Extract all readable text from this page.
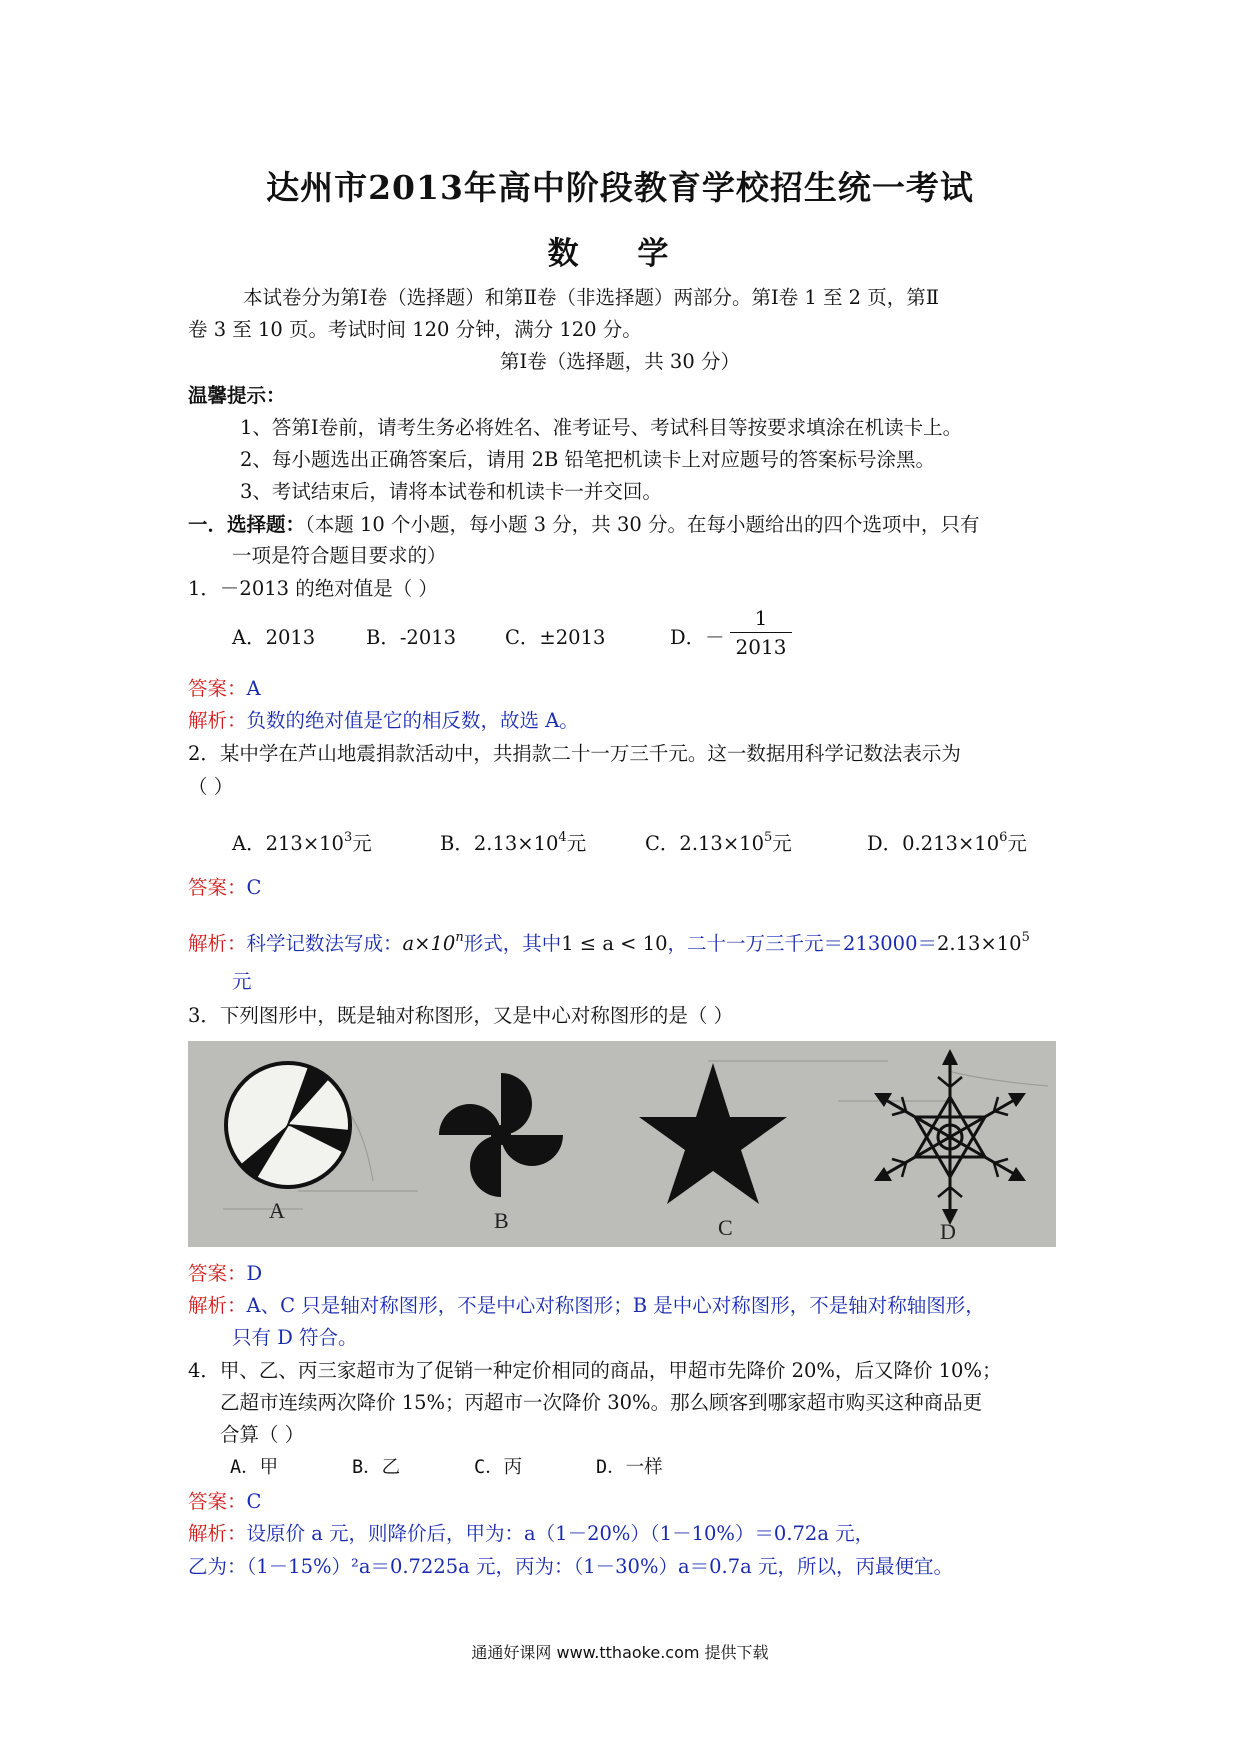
达州市2013年高中阶段教育学校招生统一考试
数 学
本试卷分为第Ⅰ卷（选择题）和第Ⅱ卷（非选择题）两部分。第Ⅰ卷 1 至 2 页，第Ⅱ
卷 3 至 10 页。考试时间 120 分钟，满分 120 分。
第Ⅰ卷（选择题，共 30 分）
温馨提示：
1、答第Ⅰ卷前，请考生务必将姓名、准考证号、考试科目等按要求填涂在机读卡上。
2、每小题选出正确答案后，请用 2B 铅笔把机读卡上对应题号的答案标号涂黑。
3、考试结束后，请将本试卷和机读卡一并交回。
一．选择题：（本题 10 个小题，每小题 3 分，共 30 分。在每小题给出的四个选项中，只有
一项是符合题目要求的）
1．－2013 的绝对值是（ ）
A．2013	B．-2013	C．±2013	D．－
1
2013
答案：A
解析：负数的绝对值是它的相反数，故选 A。
2．某中学在芦山地震捐款活动中，共捐款二十一万三千元。这一数据用科学记数法表示为
（ ）
A．$213\times 10^3$元	B．$2.13\times 10^4$元	C．$2.13\times 10^5$元	D．$0.213\times 10^6$元
答案：C
解析：科学记数法写成：$a\times 10^n$形式，其中1 ≤ a < 10，二十一万三千元$=213000=2.13\times 10^5$
元
3．下列图形中，既是轴对称图形，又是中心对称图形的是（ ）
A	B	C	D
答案：D
解析：A、C 只是轴对称图形，不是中心对称图形；B 是中心对称图形，不是轴对称轴图形，
只有 D 符合。
4．甲、乙、丙三家超市为了促销一种定价相同的商品，甲超市先降价 20%，后又降价 10%；
乙超市连续两次降价 15%；丙超市一次降价 30%。那么顾客到哪家超市购买这种商品更
合算（ ）
A．甲	B．乙	C．丙	D．一样
答案：C
解析：设原价 a 元，则降价后，甲为：a（1－20%）（1－10%）＝0.72a 元，
乙为：（1－15%）²a＝0.7225a 元，丙为：（1－30%）a＝0.7a 元，所以，丙最便宜。
通通好课网 www.tthaoke.com 提供下载
